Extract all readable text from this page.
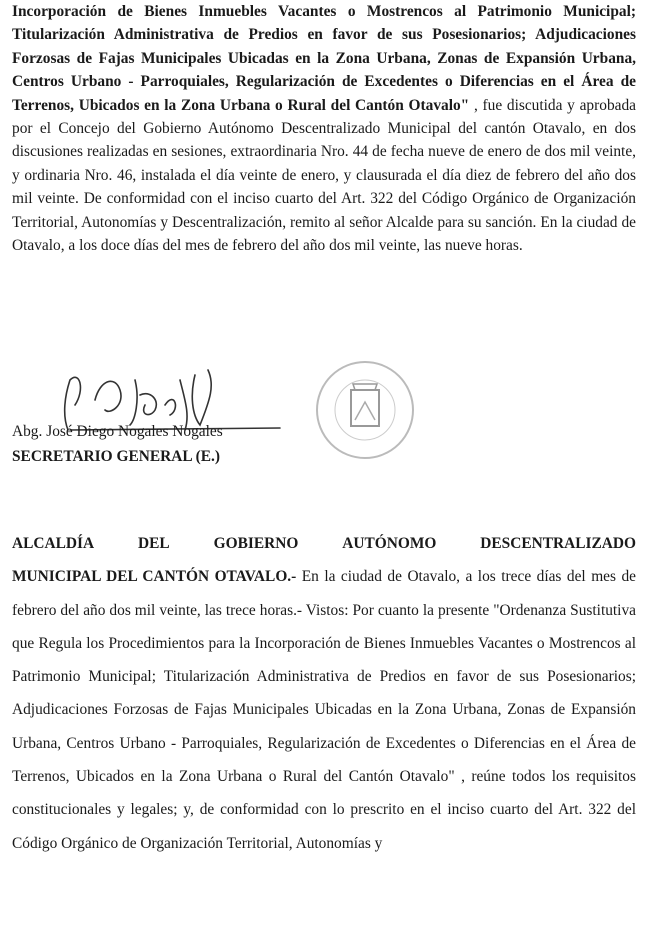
Incorporación de Bienes Inmuebles Vacantes o Mostrencos al Patrimonio Municipal; Titularización Administrativa de Predios en favor de sus Posesionarios; Adjudicaciones Forzosas de Fajas Municipales Ubicadas en la Zona Urbana, Zonas de Expansión Urbana, Centros Urbano - Parroquiales, Regularización de Excedentes o Diferencias en el Área de Terrenos, Ubicados en la Zona Urbana o Rural del Cantón Otavalo" , fue discutida y aprobada por el Concejo del Gobierno Autónomo Descentralizado Municipal del cantón Otavalo, en dos discusiones realizadas en sesiones, extraordinaria Nro. 44 de fecha nueve de enero de dos mil veinte, y ordinaria Nro. 46, instalada el día veinte de enero, y clausurada el día diez de febrero del año dos mil veinte. De conformidad con el inciso cuarto del Art. 322 del Código Orgánico de Organización Territorial, Autonomías y Descentralización, remito al señor Alcalde para su sanción. En la ciudad de Otavalo, a los doce días del mes de febrero del año dos mil veinte, las nueve horas.
Abg. José Diego Nogales Nogales
SECRETARIO GENERAL (E.)
ALCALDÍA	DEL	GOBIERNO	AUTÓNOMO	DESCENTRALIZADO
MUNICIPAL DEL CANTÓN OTAVALO.- En la ciudad de Otavalo, a los trece días del mes de febrero del año dos mil veinte, las trece horas.- Vistos: Por cuanto la presente "Ordenanza Sustitutiva que Regula los Procedimientos para la Incorporación de Bienes Inmuebles Vacantes o Mostrencos al Patrimonio Municipal; Titularización Administrativa de Predios en favor de sus Posesionarios; Adjudicaciones Forzosas de Fajas Municipales Ubicadas en la Zona Urbana, Zonas de Expansión Urbana, Centros Urbano - Parroquiales, Regularización de Excedentes o Diferencias en el Área de Terrenos, Ubicados en la Zona Urbana o Rural del Cantón Otavalo" , reúne todos los requisitos constitucionales y legales; y, de conformidad con lo prescrito en el inciso cuarto del Art. 322 del Código Orgánico de Organización Territorial, Autonomías y
